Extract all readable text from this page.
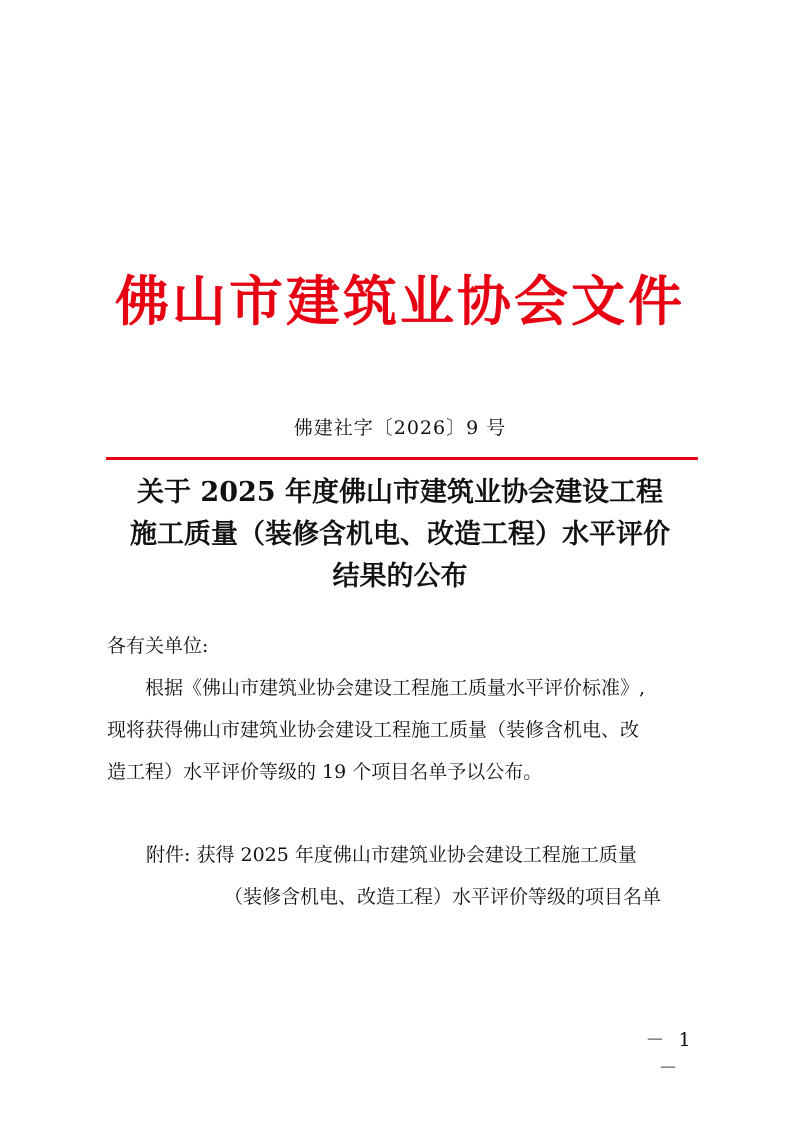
佛山市建筑业协会文件
佛建社字〔2026〕9 号
关于 2025 年度佛山市建筑业协会建设工程
施工质量（装修含机电、改造工程）水平评价
结果的公布
各有关单位:
根据《佛山市建筑业协会建设工程施工质量水平评价标准》,
现将获得佛山市建筑业协会建设工程施工质量（装修含机电、改
造工程）水平评价等级的 19 个项目名单予以公布。
附件: 获得 2025 年度佛山市建筑业协会建设工程施工质量
（装修含机电、改造工程）水平评价等级的项目名单
－ 1 －
